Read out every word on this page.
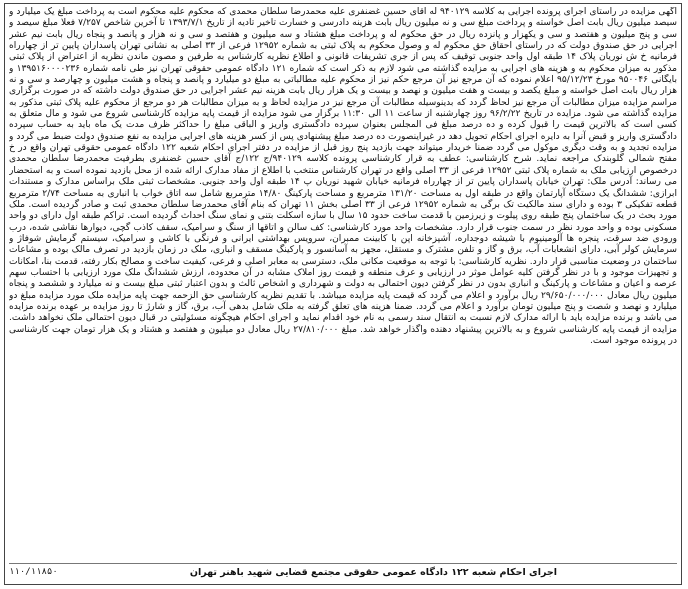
آگهی مزایده در راستای اجرای پرونده اجرایی به کلاسه ۹۴۰۱۲۹ له آقای حسین غضنفری علیه محمدرضا سلطان محمدی که محکوم علیه محکوم است به پرداخت مبلغ یک میلیارد و سیصد میلیون ریال بابت اصل خواسته و پرداخت مبلغ سی و نه میلیون ریال بابت هزینه دادرسی و خسارت تاخیر تادیه از تاریخ ۱۳۹۳/۷/۱ تا آخرین شاخص ۷/۲۵۷ فعلا مبلغ سیصد و سی و پنج میلیون و هفتصد و سی و یکهزار و پانزده ریال در حق محکوم له و پرداخت مبلغ هشتاد و سه میلیون و هفتصد و سی و نه هزار و پانصد و پنجاه ریال بابت نیم عشر اجرایی در حق صندوق دولت که در راستای احقاق حق محکوم له و وصول محکوم به پلاک ثبتی به شماره ۱۲۹۵۲ فرعی از ۳۳ اصلی به نشانی تهران پاسداران پایین تر از چهارراه فرمانیه خ ش نوریان پلاک ۱۴ طبقه اول واحد جنوبی توقیف که پس از جری تشریفات قانونی و اطلاع نظریه کارشناس به طرفین و مصون ماندن نظریه از اعتراض از پلاک ثبتی مذکور به میزان محکوم به و هزینه های اجرایی به مزایده گذاشته می شود لازم به ذکر است که شماره ۱۲۱ دادگاه عمومی حقوقی تهران نیز طی نامه شماره ۱۳۹۵۱۶۰۰۰۰۲۳۶ و بایگانی ۹۵۰۰۴۶ مورخ ۹۵/۱۲/۲۳ اعلام نموده که آن مرجع نیز آن مرجع حکم نیز از محکوم علیه مطالباتی به مبلغ دو میلیارد و پانصد و پنجاه و هشت میلیون و چهارصد و سی و نه هزار ریال بابت اصل خواسته و مبلغ یکصد و بیست و هفت میلیون و نهصد و بیست و یک هزار ریال بابت هزینه نیم عشر اجرایی در حق صندوق دولت داشته که در صورت برگزاری مراسم مزایده میزان مطالبات آن مرجع نیز لحاظ گردد که بدینوسیله مطالبات آن مرجع نیز در مزایده لحاظ و به میزان مطالبات هر دو مرجع از محکوم علیه پلاک ثبتی مذکور به مزایده گذاشته می شود. مزایده در تاریخ ۹۶/۲/۲۲ روز چهارشنبه از ساعت ۱۱ الی ۱۱:۳۰ برگزار می شود مزایده از قیمت پایه مزایده کارشناسی شروع می شود و مال متعلق به کسی است که بالاترین قیمت را قبول کرده و ده درصد مبلغ فی المجلس بعنوان سپرده دادگستری واریز و الباقی مبلغ را حداکثر ظرف مدت یک ماه باید به حساب سپرده دادگستری واریز و قبض آنرا به دایره اجرای احکام تحویل دهد در غیراینصورت ده درصد مبلغ پیشنهادی پس از کسر هزینه های اجرایی مزایده به نفع صندوق دولت ضبط می گردد و مزایده تجدید و به وقت دیگری موکول می گردد ضمنا خریدار میتواند جهت بازدید پنج روز قبل از مزایده در دفتر اجرای احکام شعبه ۱۲۲ دادگاه عمومی حقوقی تهران واقع در خ مفتح شمالی گلوبندک مراجعه نماید. شرح کارشناسی: عطف به قرار کارشناسی پرونده کلاسه ۹۴۰۱۲۹/ج ۱۲۲/ج آقای حسین غضنفری بطرفیت محمدرضا سلطان محمدی درخصوص ارزیابی ملک به شماره پلاک ثبتی ۱۲۹۵۲ فرعی از ۳۳ اصلی واقع در تهران کارشناس منتخب با اطلاع از مفاد مدارک ارائه شده از محل بازدید نموده است و به استحضار می رساند: آدرس ملک: تهران خیابان پاسداران پایین تر از چهارراه فرمانیه خیابان شهید نوریان پ ۱۴ طبقه اول واحد جنوبی. مشخصات ثبتی ملک براساس مدارک و مستندات ابرازی: ششدانگ یک دستگاه آپارتمان واقع در طبقه اول به مساحت ۱۳۱/۲۰ مترمربع و مساحت پارکینگ ۱۴/۸۰ مترمربع شامل سه اتاق خواب با انباری به مساحت ۲/۷۴ مترمربع قطعه تفکیکی ۳ بوده و دارای سند مالکیت تک برگی به شماره ۱۲۹۵۲ فرعی از ۳۳ اصلی بخش ۱۱ تهران که بنام آقای محمدرضا سلطان محمدی ثبت و صادر گردیده است. ملک مورد بحث در یک ساختمان پنج طبقه روی پیلوت و زیرزمین با قدمت ساخت حدود ۱۵ سال با سازه اسکلت بتنی و نمای سنگ احداث گردیده است. تراکم طبقه اول دارای دو واحد مسکونی بوده و واحد مورد نظر در سمت جنوب قرار دارد. مشخصات واحد مورد کارشناسی: کف سالن و اتاقها از سنگ و سرامیک، سقف کاذب گچی، دیوارها نقاشی شده، درب ورودی ضد سرقت، پنجره ها آلومینیوم با شیشه دوجداره، آشپزخانه اپن با کابینت ممبران، سرویس بهداشتی ایرانی و فرنگی با کاشی و سرامیک، سیستم گرمایش شوفاژ و سرمایش کولر آبی، دارای انشعابات آب، برق و گاز و تلفن مشترک و مستقل، مجهز به آسانسور و پارکینگ مسقف و انباری، ملک در زمان بازدید در تصرف مالک بوده و مشاعات ساختمان در وضعیت مناسبی قرار دارد. نظریه کارشناسی: با توجه به موقعیت مکانی ملک، دسترسی به معابر اصلی و فرعی، کیفیت ساخت و مصالح بکار رفته، قدمت بنا، امکانات و تجهیزات موجود و با در نظر گرفتن کلیه عوامل موثر در ارزیابی و عرف منطقه و قیمت روز املاک مشابه در آن محدوده، ارزش ششدانگ ملک مورد ارزیابی با احتساب سهم عرصه و اعیان و مشاعات و پارکینگ و انباری بدون در نظر گرفتن دیون احتمالی به دولت و شهرداری و اشخاص ثالث و بدون اعتبار ثبتی مبلغ بیست و نه میلیارد و ششصد و پنجاه میلیون ریال معادل ۲۹/۶۵۰/۰۰۰/۰۰۰ ریال برآورد و اعلام می گردد که قیمت پایه مزایده میباشد. با تقدیم نظریه کارشناسی حق الزحمه جهت پایه مزایده ملک مورد مزایده مبلغ دو میلیارد و نهصد و شصت و پنج میلیون تومان برآورد و اعلام می گردد. ضمنا هزینه های تعلق گرفته به ملک شامل بدهی آب، برق، گاز و شارژ تا روز مزایده بر عهده برنده مزایده می باشد و برنده مزایده باید با ارائه مدارک لازم نسبت به انتقال سند رسمی به نام خود اقدام نماید و اجرای احکام هیچگونه مسئولیتی در قبال دیون احتمالی ملک نخواهد داشت. مزایده از قیمت پایه کارشناسی شروع و به بالاترین پیشنهاد دهنده واگذار خواهد شد. مبلغ ۲۷/۸۱۰/۰۰۰ ریال معادل دو میلیون و هفتصد و هشتاد و یک هزار تومان جهت کارشناسی در پرونده موجود است.

اجرای احکام شعبه ۱۲۲ دادگاه عمومی حقوقی مجتمع قضایی شهید باهنر تهران
۱۱۰/۱۱۸۵۰
